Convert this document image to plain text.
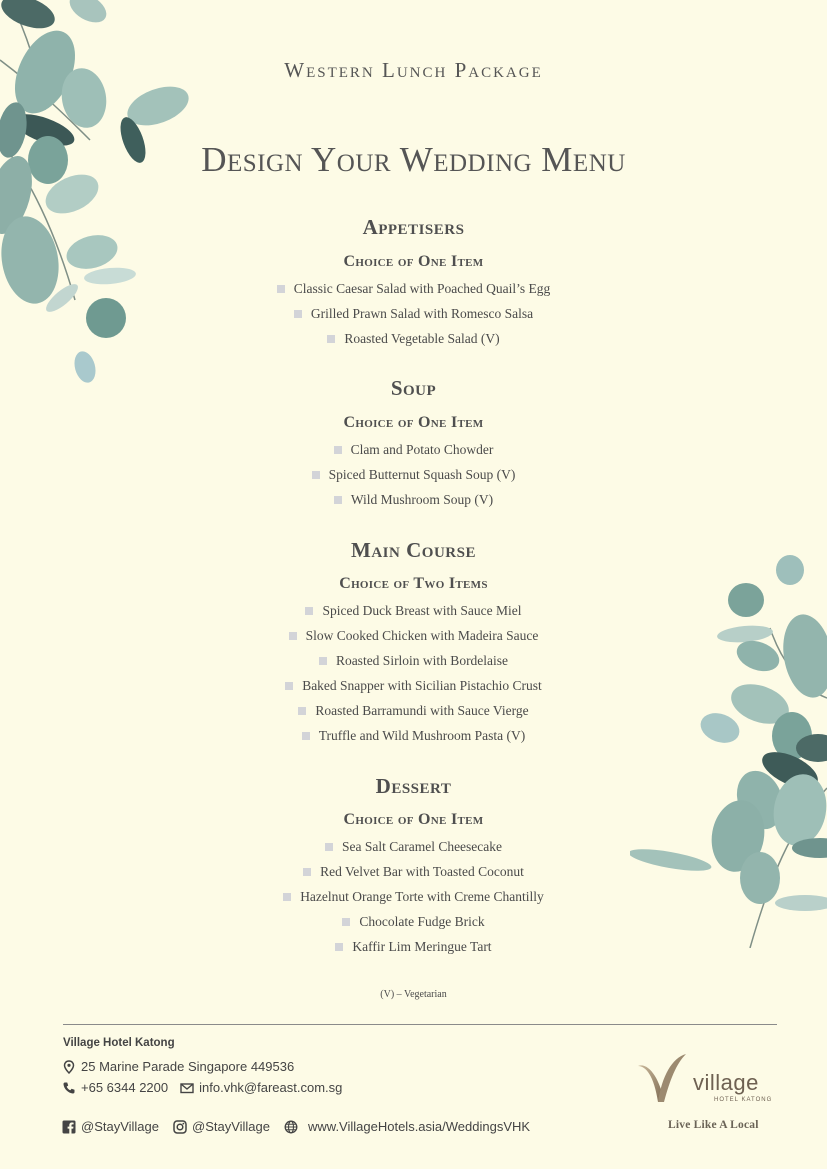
Western Lunch Package
Design Your Wedding Menu
Appetisers
Choice of One Item
Classic Caesar Salad with Poached Quail’s Egg
Grilled Prawn Salad with Romesco Salsa
Roasted Vegetable Salad (V)
Soup
Choice of One Item
Clam and Potato Chowder
Spiced Butternut Squash Soup (V)
Wild Mushroom Soup (V)
Main Course
Choice of Two Items
Spiced Duck Breast with Sauce Miel
Slow Cooked Chicken with Madeira Sauce
Roasted Sirloin with Bordelaise
Baked Snapper with Sicilian Pistachio Crust
Roasted Barramundi with Sauce Vierge
Truffle and Wild Mushroom Pasta (V)
Dessert
Choice of One Item
Sea Salt Caramel Cheesecake
Red Velvet Bar with Toasted Coconut
Hazelnut Orange Torte with Creme Chantilly
Chocolate Fudge Brick
Kaffir Lim Meringue Tart
(V) – Vegetarian
Village Hotel Katong
25 Marine Parade Singapore 449536
+65 6344 2200 info.vhk@fareast.com.sg
@StayVillage	@StayVillage	www.VillageHotels.asia/WeddingsVHK
village
HOTEL KATONG
Live Like A Local
